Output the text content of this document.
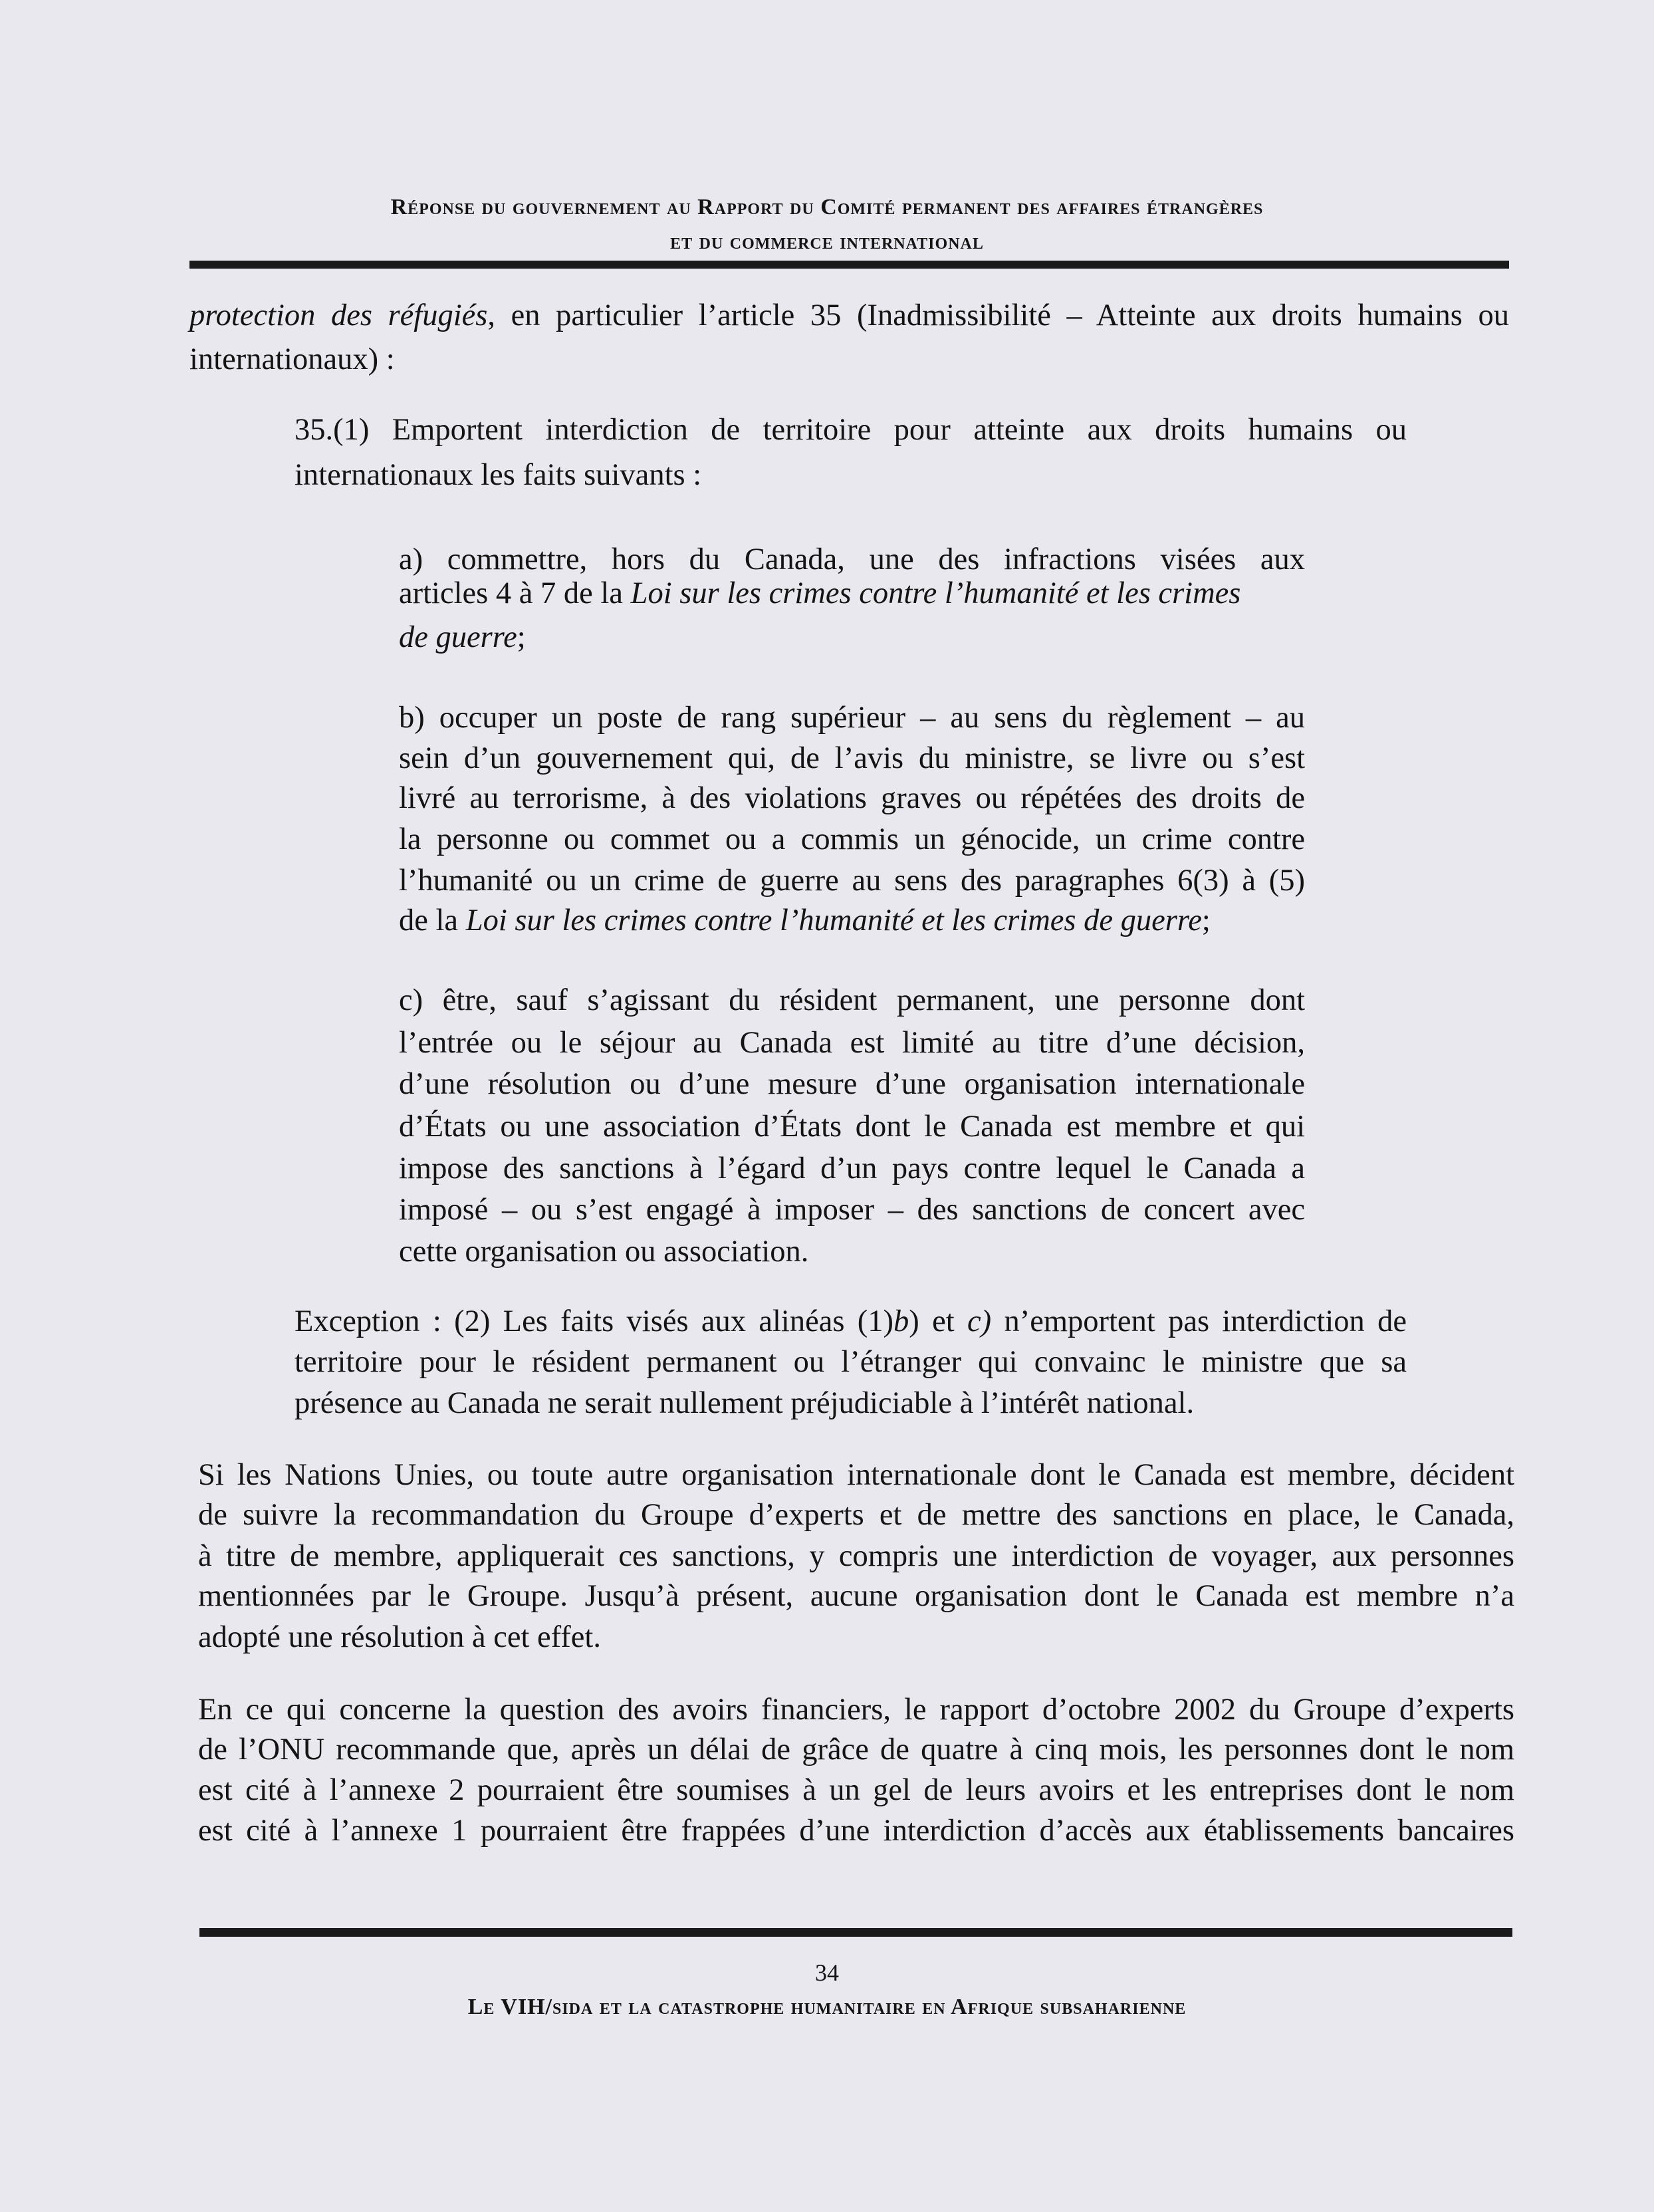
Réponse du gouvernement au Rapport du Comité permanent des affaires étrangères
et du commerce international
protection des réfugiés, en particulier l’article 35 (Inadmissibilité – Atteinte aux droits humains ou
internationaux) :
35.(1) Emportent interdiction de territoire pour atteinte aux droits humains ou
internationaux les faits suivants :
a) commettre, hors du Canada, une des infractions visées aux
articles 4 à 7 de la Loi sur les crimes contre l’humanité et les crimes
de guerre;
b) occuper un poste de rang supérieur – au sens du règlement – au
sein d’un gouvernement qui, de l’avis du ministre, se livre ou s’est
livré au terrorisme, à des violations graves ou répétées des droits de
la personne ou commet ou a commis un génocide, un crime contre
l’humanité ou un crime de guerre au sens des paragraphes 6(3) à (5)
de la Loi sur les crimes contre l’humanité et les crimes de guerre;
c) être, sauf s’agissant du résident permanent, une personne dont
l’entrée ou le séjour au Canada est limité au titre d’une décision,
d’une résolution ou d’une mesure d’une organisation internationale
d’États ou une association d’États dont le Canada est membre et qui
impose des sanctions à l’égard d’un pays contre lequel le Canada a
imposé – ou s’est engagé à imposer – des sanctions de concert avec
cette organisation ou association.
Exception : (2) Les faits visés aux alinéas (1)b) et c) n’emportent pas interdiction de
territoire pour le résident permanent ou l’étranger qui convainc le ministre que sa
présence au Canada ne serait nullement préjudiciable à l’intérêt national.
Si les Nations Unies, ou toute autre organisation internationale dont le Canada est membre, décident
de suivre la recommandation du Groupe d’experts et de mettre des sanctions en place, le Canada,
à titre de membre, appliquerait ces sanctions, y compris une interdiction de voyager, aux personnes
mentionnées par le Groupe. Jusqu’à présent, aucune organisation dont le Canada est membre n’a
adopté une résolution à cet effet.
En ce qui concerne la question des avoirs financiers, le rapport d’octobre 2002 du Groupe d’experts
de l’ONU recommande que, après un délai de grâce de quatre à cinq mois, les personnes dont le nom
est cité à l’annexe 2 pourraient être soumises à un gel de leurs avoirs et les entreprises dont le nom
est cité à l’annexe 1 pourraient être frappées d’une interdiction d’accès aux établissements bancaires
34
Le VIH/sida et la catastrophe humanitaire en Afrique subsaharienne
